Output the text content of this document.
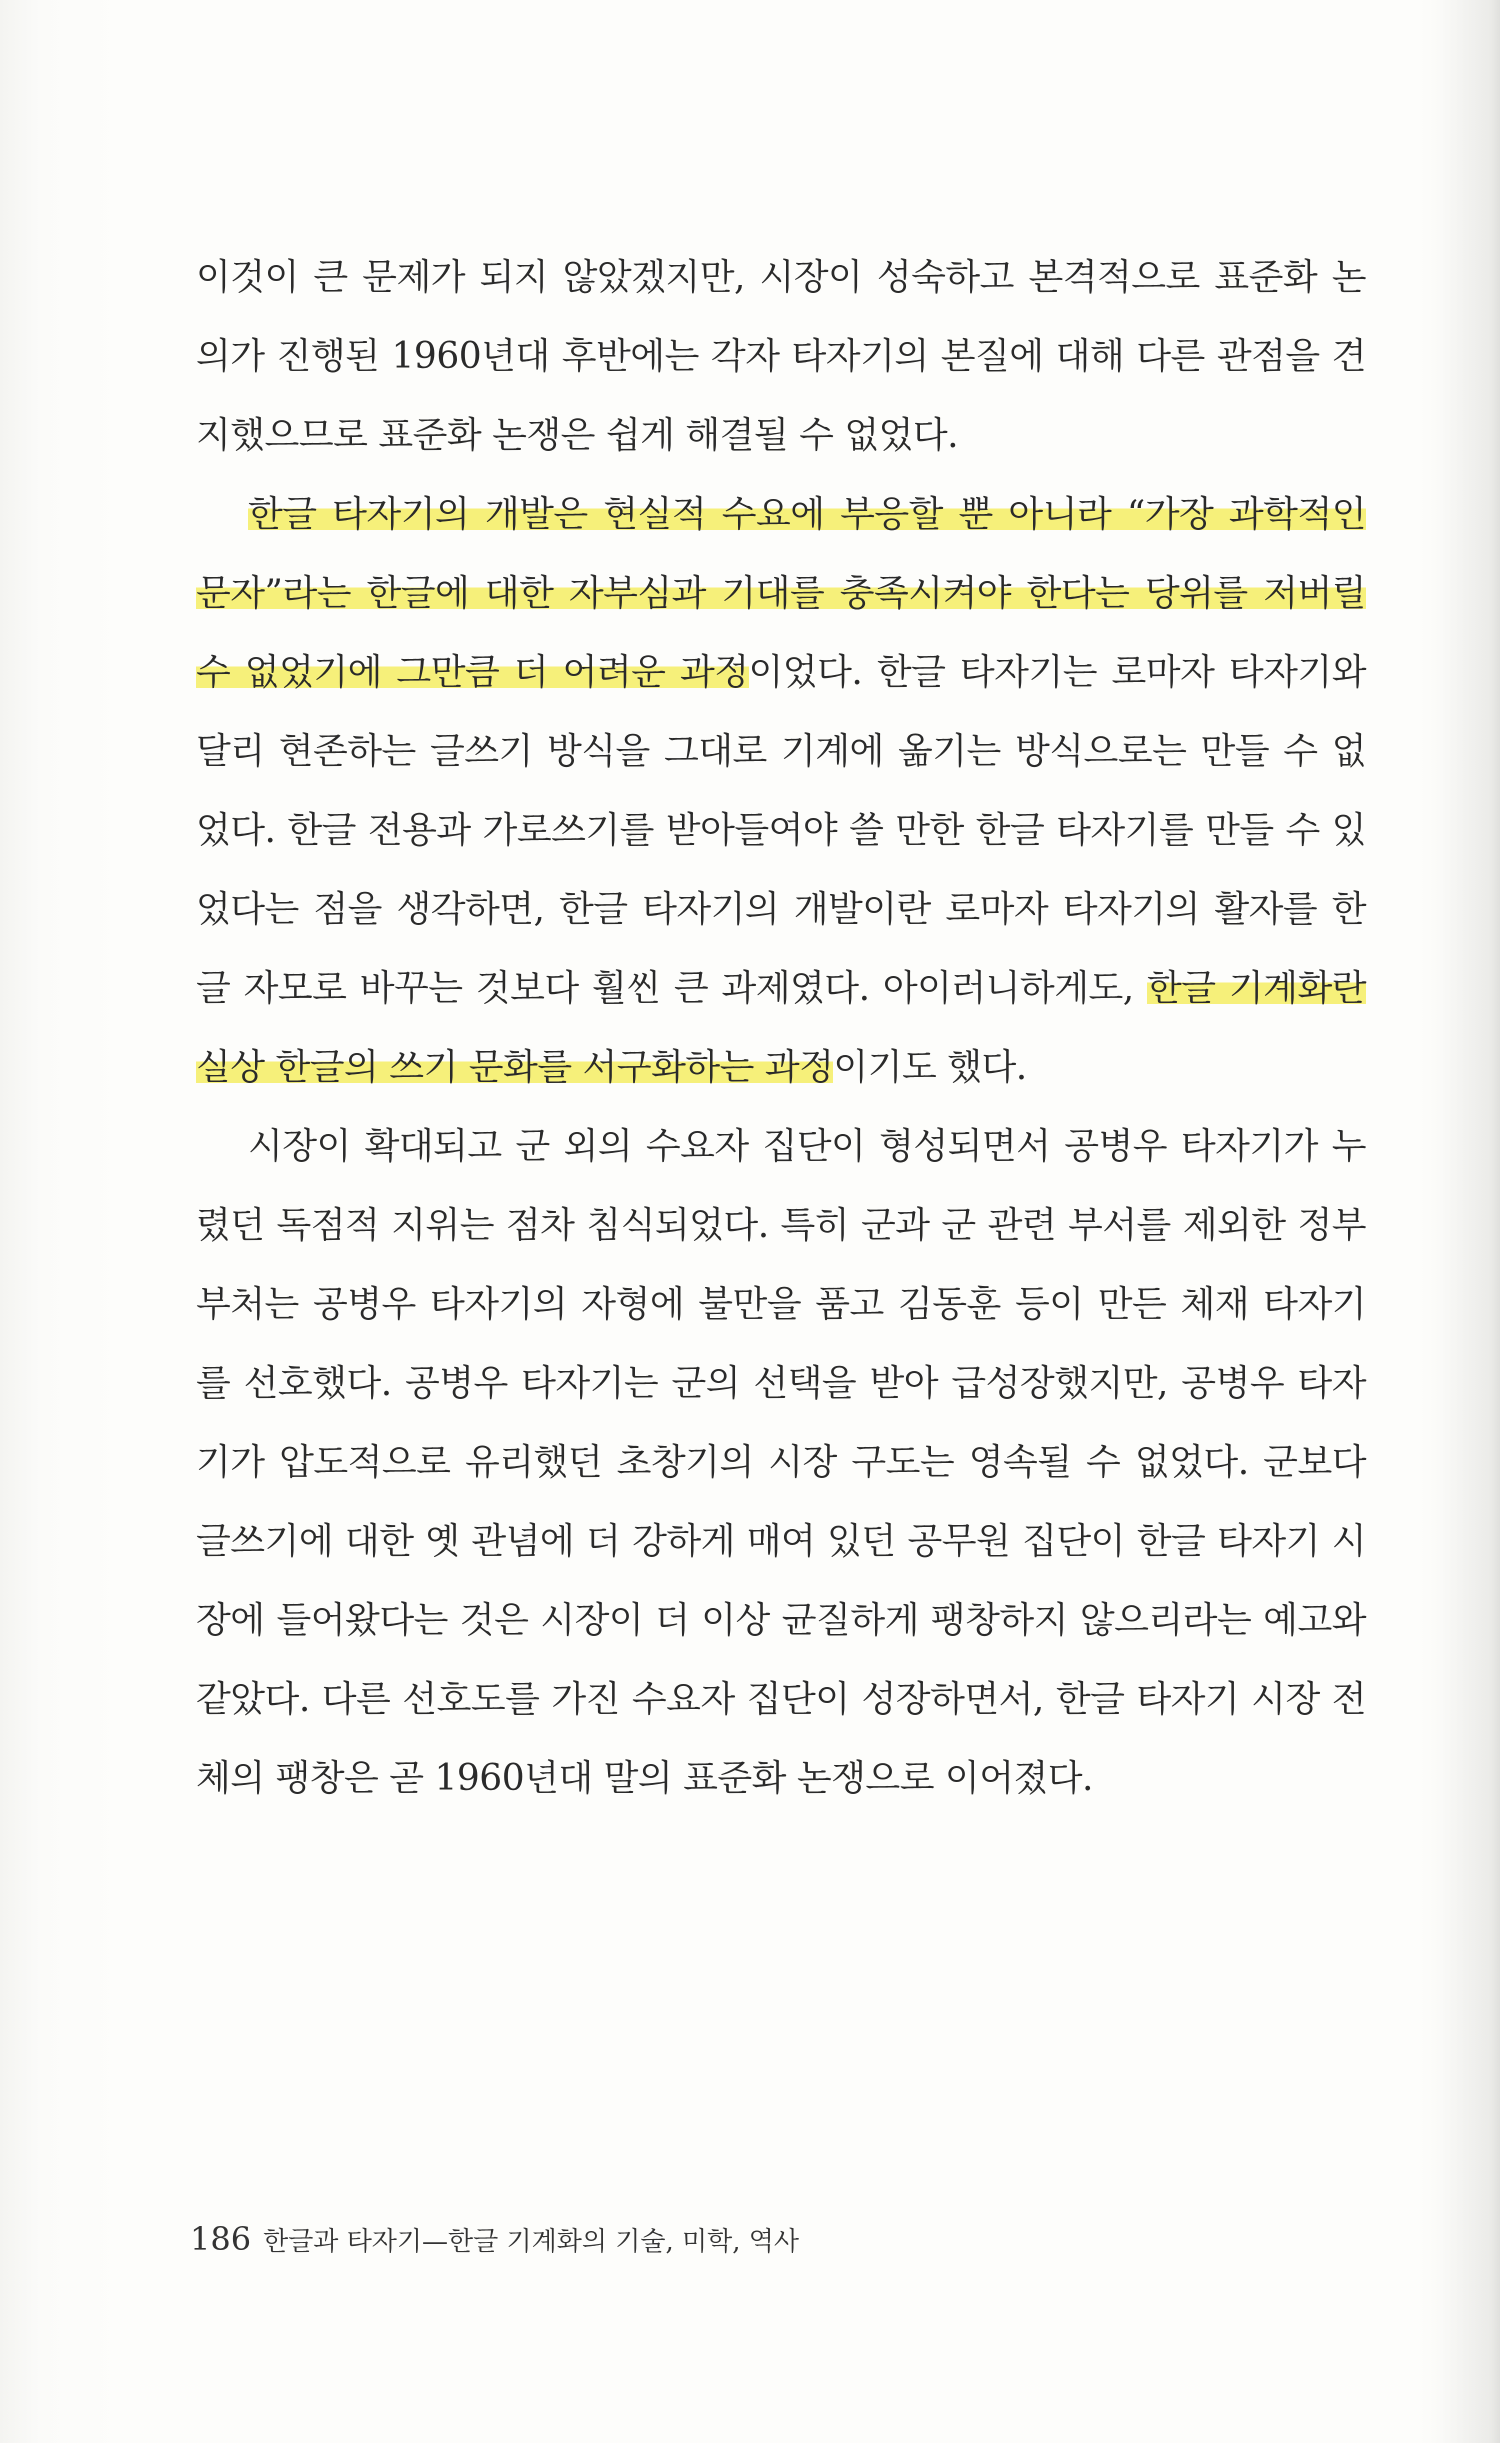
이것이 큰 문제가 되지 않았겠지만, 시장이 성숙하고 본격적으로 표준화 논의가 진행된 1960년대 후반에는 각자 타자기의 본질에 대해 다른 관점을 견지했으므로 표준화 논쟁은 쉽게 해결될 수 없었다.

한글 타자기의 개발은 현실적 수요에 부응할 뿐 아니라 “가장 과학적인 문자”라는 한글에 대한 자부심과 기대를 충족시켜야 한다는 당위를 저버릴 수 없었기에 그만큼 더 어려운 과정이었다. 한글 타자기는 로마자 타자기와 달리 현존하는 글쓰기 방식을 그대로 기계에 옮기는 방식으로는 만들 수 없었다. 한글 전용과 가로쓰기를 받아들여야 쓸 만한 한글 타자기를 만들 수 있었다는 점을 생각하면, 한글 타자기의 개발이란 로마자 타자기의 활자를 한글 자모로 바꾸는 것보다 훨씬 큰 과제였다. 아이러니하게도, 한글 기계화란 실상 한글의 쓰기 문화를 서구화하는 과정이기도 했다.

시장이 확대되고 군 외의 수요자 집단이 형성되면서 공병우 타자기가 누렸던 독점적 지위는 점차 침식되었다. 특히 군과 군 관련 부서를 제외한 정부 부처는 공병우 타자기의 자형에 불만을 품고 김동훈 등이 만든 체재 타자기를 선호했다. 공병우 타자기는 군의 선택을 받아 급성장했지만, 공병우 타자기가 압도적으로 유리했던 초창기의 시장 구도는 영속될 수 없었다. 군보다 글쓰기에 대한 옛 관념에 더 강하게 매여 있던 공무원 집단이 한글 타자기 시장에 들어왔다는 것은 시장이 더 이상 균질하게 팽창하지 않으리라는 예고와 같았다. 다른 선호도를 가진 수요자 집단이 성장하면서, 한글 타자기 시장 전체의 팽창은 곧 1960년대 말의 표준화 논쟁으로 이어졌다.

186 한글과 타자기—한글 기계화의 기술, 미학, 역사
